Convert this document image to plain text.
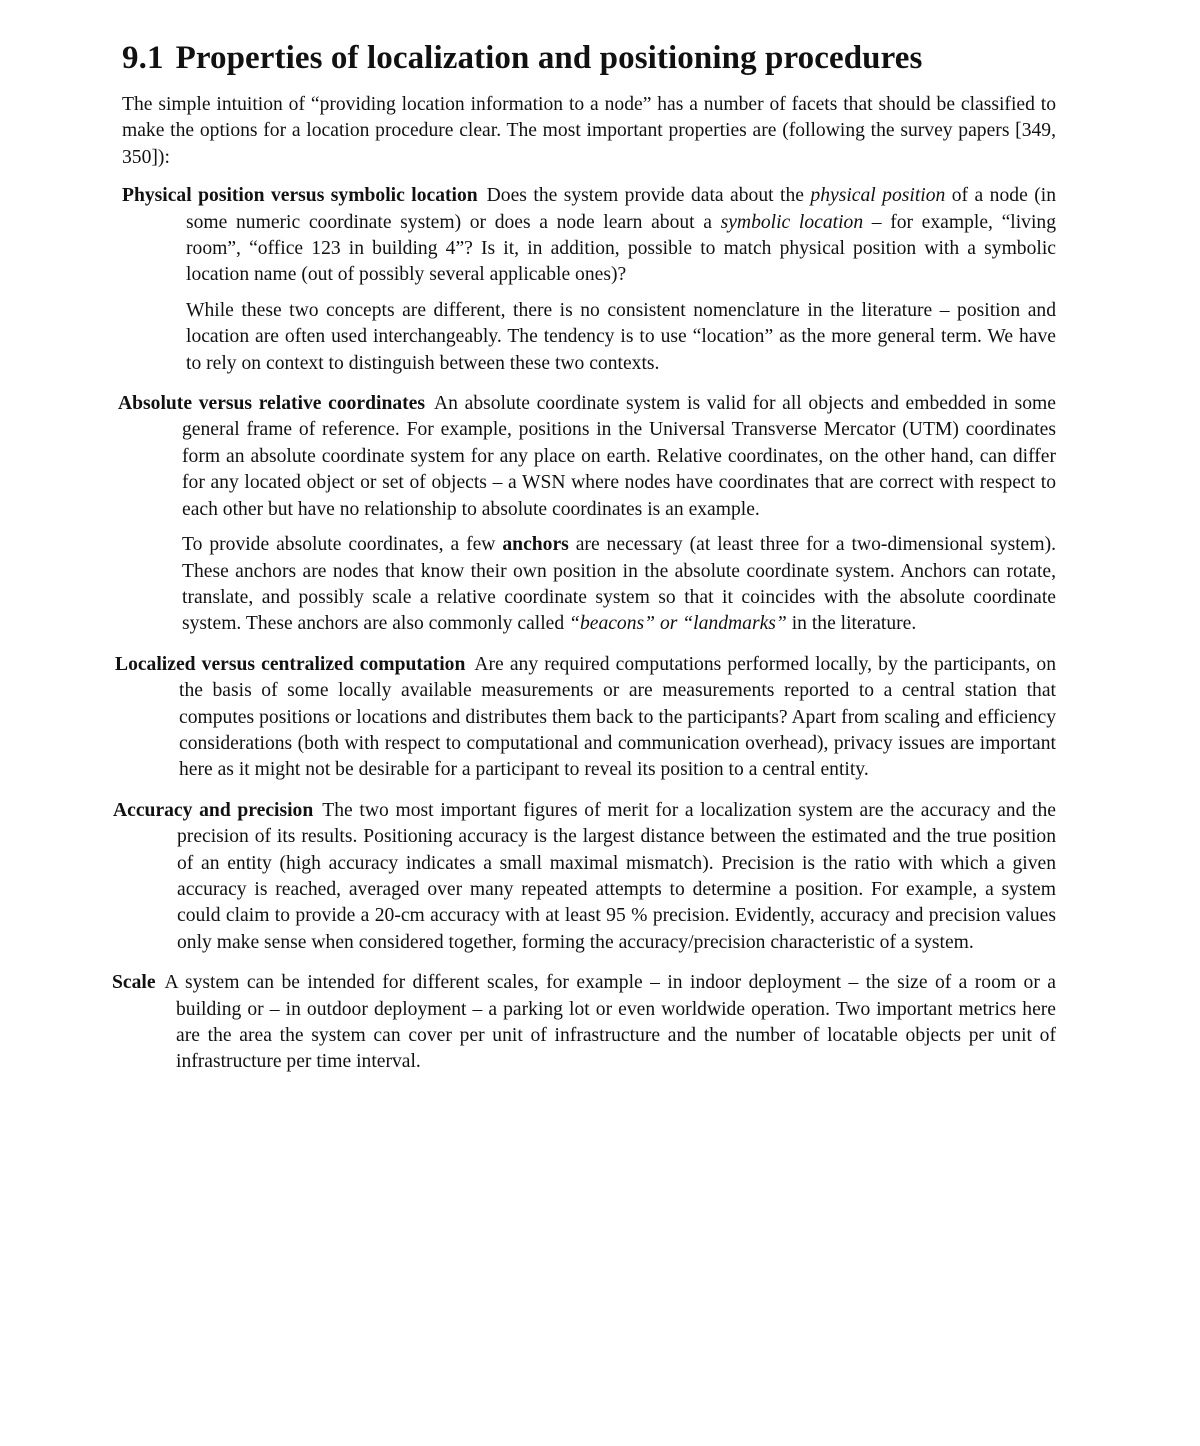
9.1 Properties of localization and positioning procedures

The simple intuition of “providing location information to a node” has a number of facets that should be classified to make the options for a location procedure clear. The most important properties are (following the survey papers [349, 350]):

Physical position versus symbolic location Does the system provide data about the physical position of a node (in some numeric coordinate system) or does a node learn about a symbolic location – for example, “living room”, “office 123 in building 4”? Is it, in addition, possible to match physical position with a symbolic location name (out of possibly several applicable ones)?

While these two concepts are different, there is no consistent nomenclature in the literature – position and location are often used interchangeably. The tendency is to use “location” as the more general term. We have to rely on context to distinguish between these two contexts.

Absolute versus relative coordinates An absolute coordinate system is valid for all objects and embedded in some general frame of reference. For example, positions in the Universal Transverse Mercator (UTM) coordinates form an absolute coordinate system for any place on earth. Relative coordinates, on the other hand, can differ for any located object or set of objects – a WSN where nodes have coordinates that are correct with respect to each other but have no relationship to absolute coordinates is an example.

To provide absolute coordinates, a few anchors are necessary (at least three for a two-dimensional system). These anchors are nodes that know their own position in the absolute coordinate system. Anchors can rotate, translate, and possibly scale a relative coordinate system so that it coincides with the absolute coordinate system. These anchors are also commonly called “beacons” or “landmarks” in the literature.

Localized versus centralized computation Are any required computations performed locally, by the participants, on the basis of some locally available measurements or are measurements reported to a central station that computes positions or locations and distributes them back to the participants? Apart from scaling and efficiency considerations (both with respect to computational and communication overhead), privacy issues are important here as it might not be desirable for a participant to reveal its position to a central entity.

Accuracy and precision The two most important figures of merit for a localization system are the accuracy and the precision of its results. Positioning accuracy is the largest distance between the estimated and the true position of an entity (high accuracy indicates a small maximal mismatch). Precision is the ratio with which a given accuracy is reached, averaged over many repeated attempts to determine a position. For example, a system could claim to provide a 20-cm accuracy with at least 95 % precision. Evidently, accuracy and precision values only make sense when considered together, forming the accuracy/precision characteristic of a system.

Scale A system can be intended for different scales, for example – in indoor deployment – the size of a room or a building or – in outdoor deployment – a parking lot or even worldwide operation. Two important metrics here are the area the system can cover per unit of infrastructure and the number of locatable objects per unit of infrastructure per time interval.
